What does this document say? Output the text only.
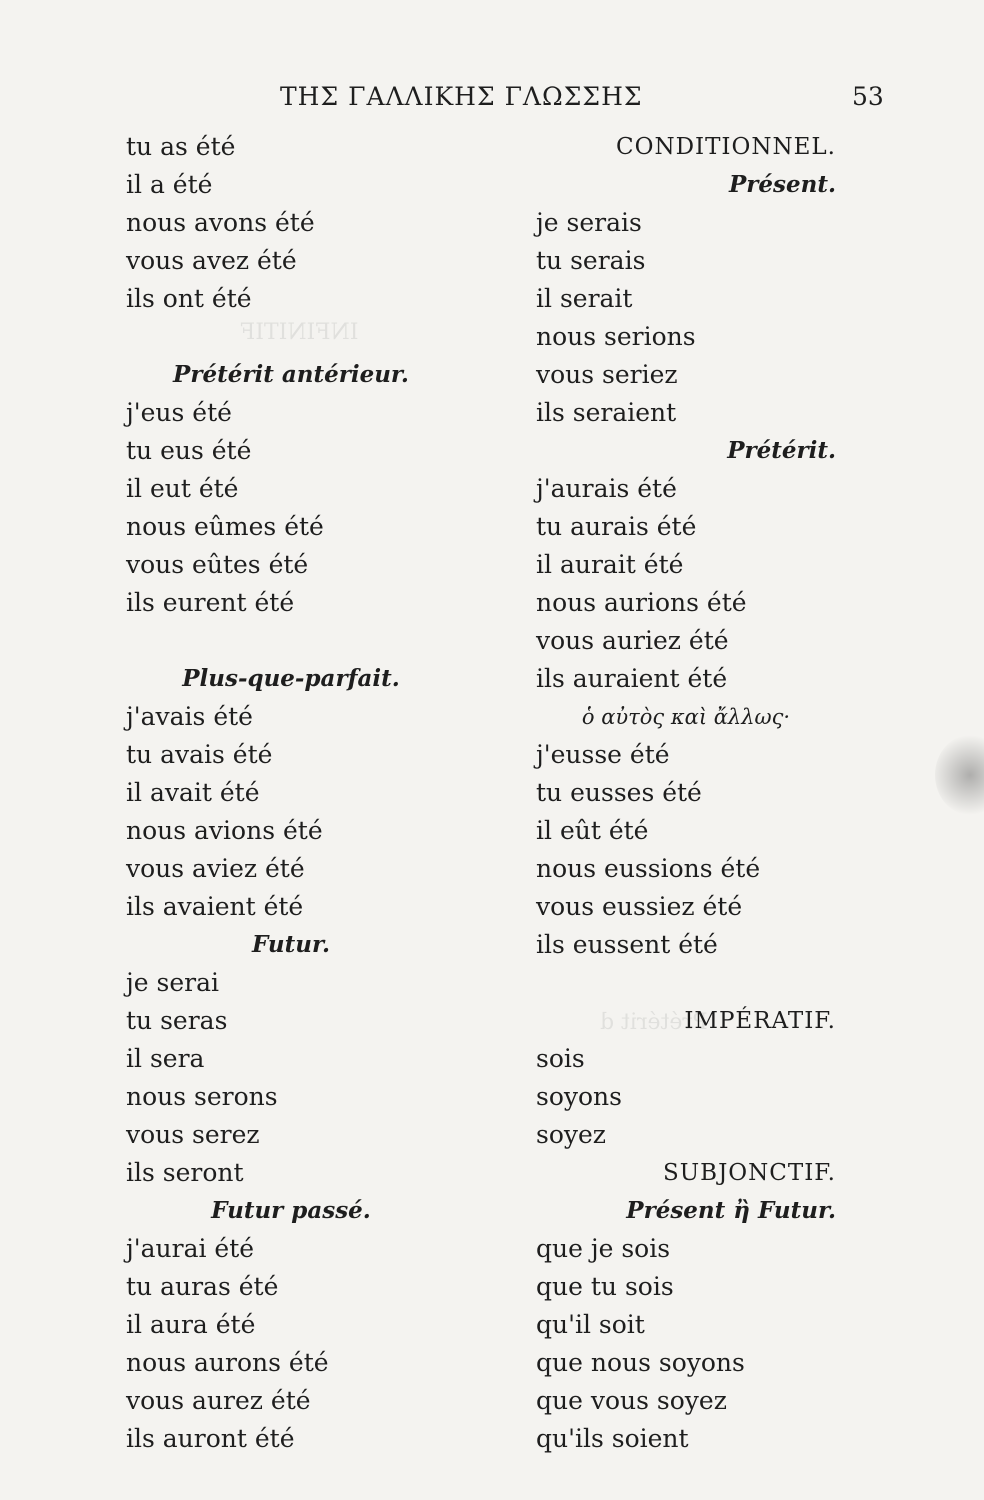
Prétérit d
INFINITIF
ΤΗΣ ΓΑΛΛΙΚΗΣ ΓΛΩΣΣΗΣ	53
tu as été
il a été
nous avons été
vous avez été
ils ont été
Prétérit antérieur.
j'eus été
tu eus été
il eut été
nous eûmes été
vous eûtes été
ils eurent été
Plus-que-parfait.
j'avais été
tu avais été
il avait été
nous avions été
vous aviez été
ils avaient été
Futur.
je serai
tu seras
il sera
nous serons
vous serez
ils seront
Futur passé.
j'aurai été
tu auras été
il aura été
nous aurons été
vous aurez été
ils auront été
CONDITIONNEL.
Présent.
je serais
tu serais
il serait
nous serions
vous seriez
ils seraient
Prétérit.
j'aurais été
tu aurais été
il aurait été
nous aurions été
vous auriez été
ils auraient été
ὁ αὐτὸς καὶ ἄλλως·
j'eusse été
tu eusses été
il eût été
nous eussions été
vous eussiez été
ils eussent été
IMPÉRATIF.
sois
soyons
soyez
SUBJONCTIF.
Présent ἢ Futur.
que je sois
que tu sois
qu'il soit
que nous soyons
que vous soyez
qu'ils soient
